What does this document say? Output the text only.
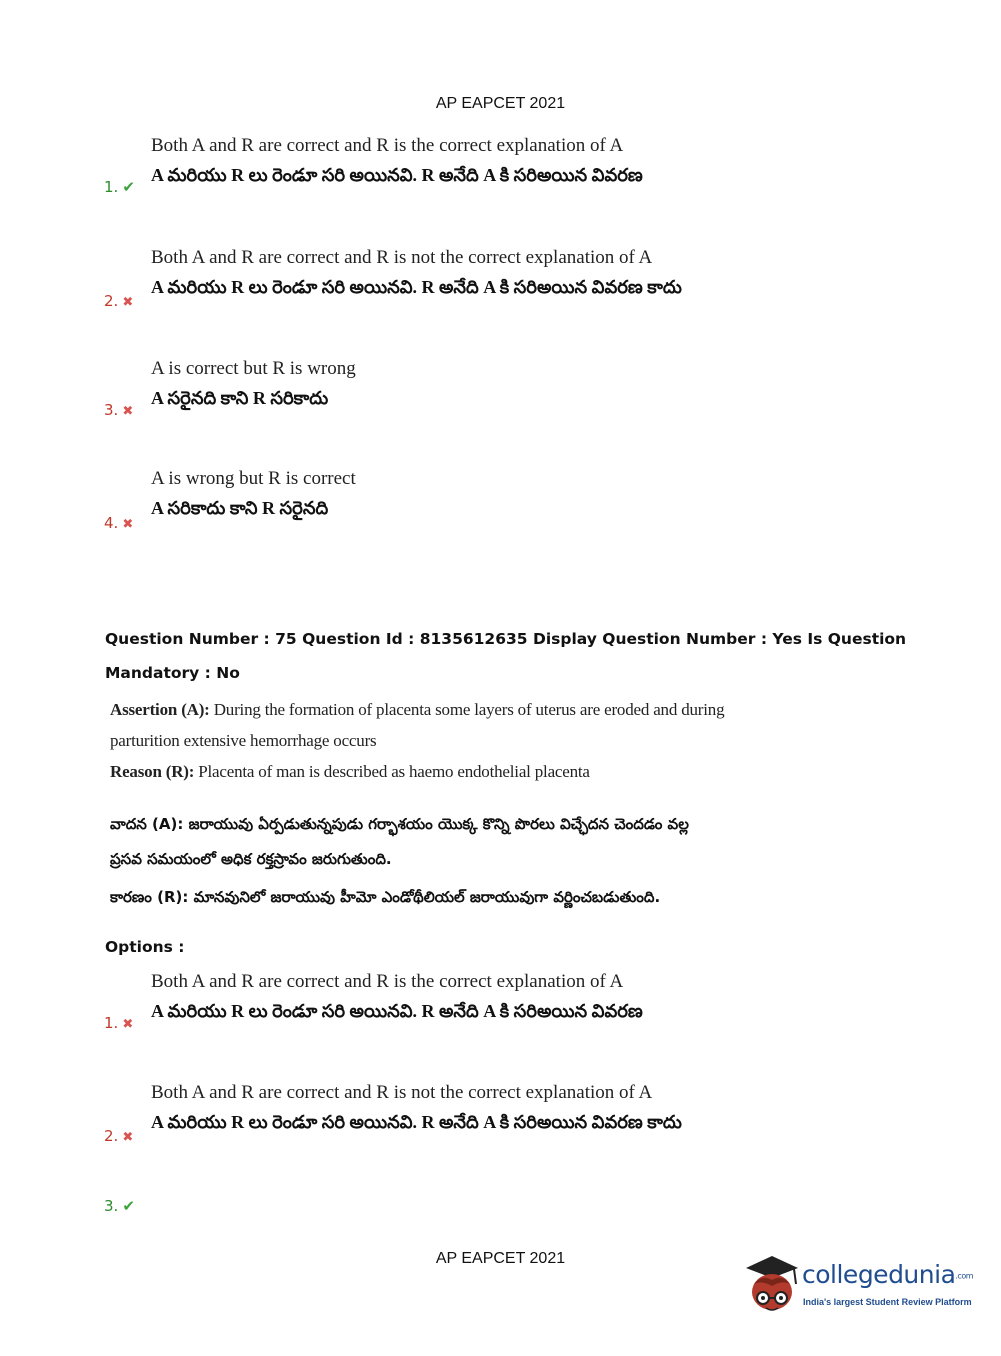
AP EAPCET 2021
Both A and R are correct and R is the correct explanation of A
A మరియు R లు రెండూ సరి అయినవి. R అనేది A కి సరిఅయిన వివరణ
1. ✔
Both A and R are correct and R is not the correct explanation of A
A మరియు R లు రెండూ సరి అయినవి. R అనేది A కి సరిఅయిన వివరణ కాదు
2. ✖
A is correct but R is wrong
A సరైనది కాని R సరికాదు
3. ✖
A is wrong but R is correct
A సరికాదు కాని R సరైనది
4. ✖
Question Number : 75 Question Id : 8135612635 Display Question Number : Yes Is Question
Mandatory : No
Assertion (A): During the formation of placenta some layers of uterus are eroded and during
parturition extensive hemorrhage occurs
Reason (R): Placenta of man is described as haemo endothelial placenta
వాదన (A): జరాయువు ఏర్పడుతున్నపుడు గర్భాశయం యొక్క కొన్ని పొరలు విచ్ఛేదన చెందడం వల్ల
ప్రసవ సమయంలో అధిక రక్తస్రావం జరుగుతుంది.
కారణం (R): మానవునిలో జరాయువు హీమో ఎండోథీలియల్ జరాయువుగా వర్ణించబడుతుంది.
Options :
Both A and R are correct and R is the correct explanation of A
A మరియు R లు రెండూ సరి అయినవి. R అనేది A కి సరిఅయిన వివరణ
1. ✖
Both A and R are correct and R is not the correct explanation of A
A మరియు R లు రెండూ సరి అయినవి. R అనేది A కి సరిఅయిన వివరణ కాదు
2. ✖
3. ✔
AP EAPCET 2021
collegedunia.com
India's largest Student Review Platform
